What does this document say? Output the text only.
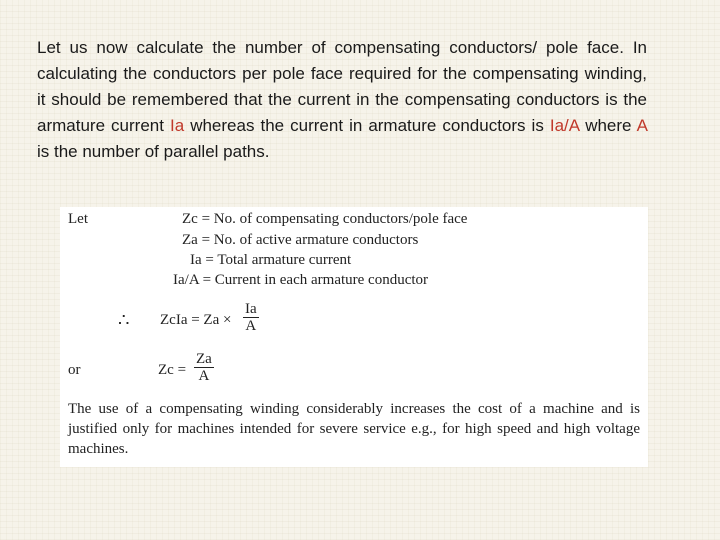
Let us now calculate the number of compensating conductors/ pole face. In calculating the conductors per pole face required for the compensating winding, it should be remembered that the current in the compensating conductors is the armature current Ia whereas the current in armature conductors is Ia/A where A is the number of parallel paths.

Let	Zc = No. of compensating conductors/pole face
Za = No. of active armature conductors
Ia = Total armature current
Ia/A = Current in each armature conductor
∴ ZcIa = $Za \times \frac{Ia}{A}$
or	$Zc = \frac{Za}{A}$

The use of a compensating winding considerably increases the cost of a machine and is justified only for machines intended for severe service e.g., for high speed and high voltage machines.
